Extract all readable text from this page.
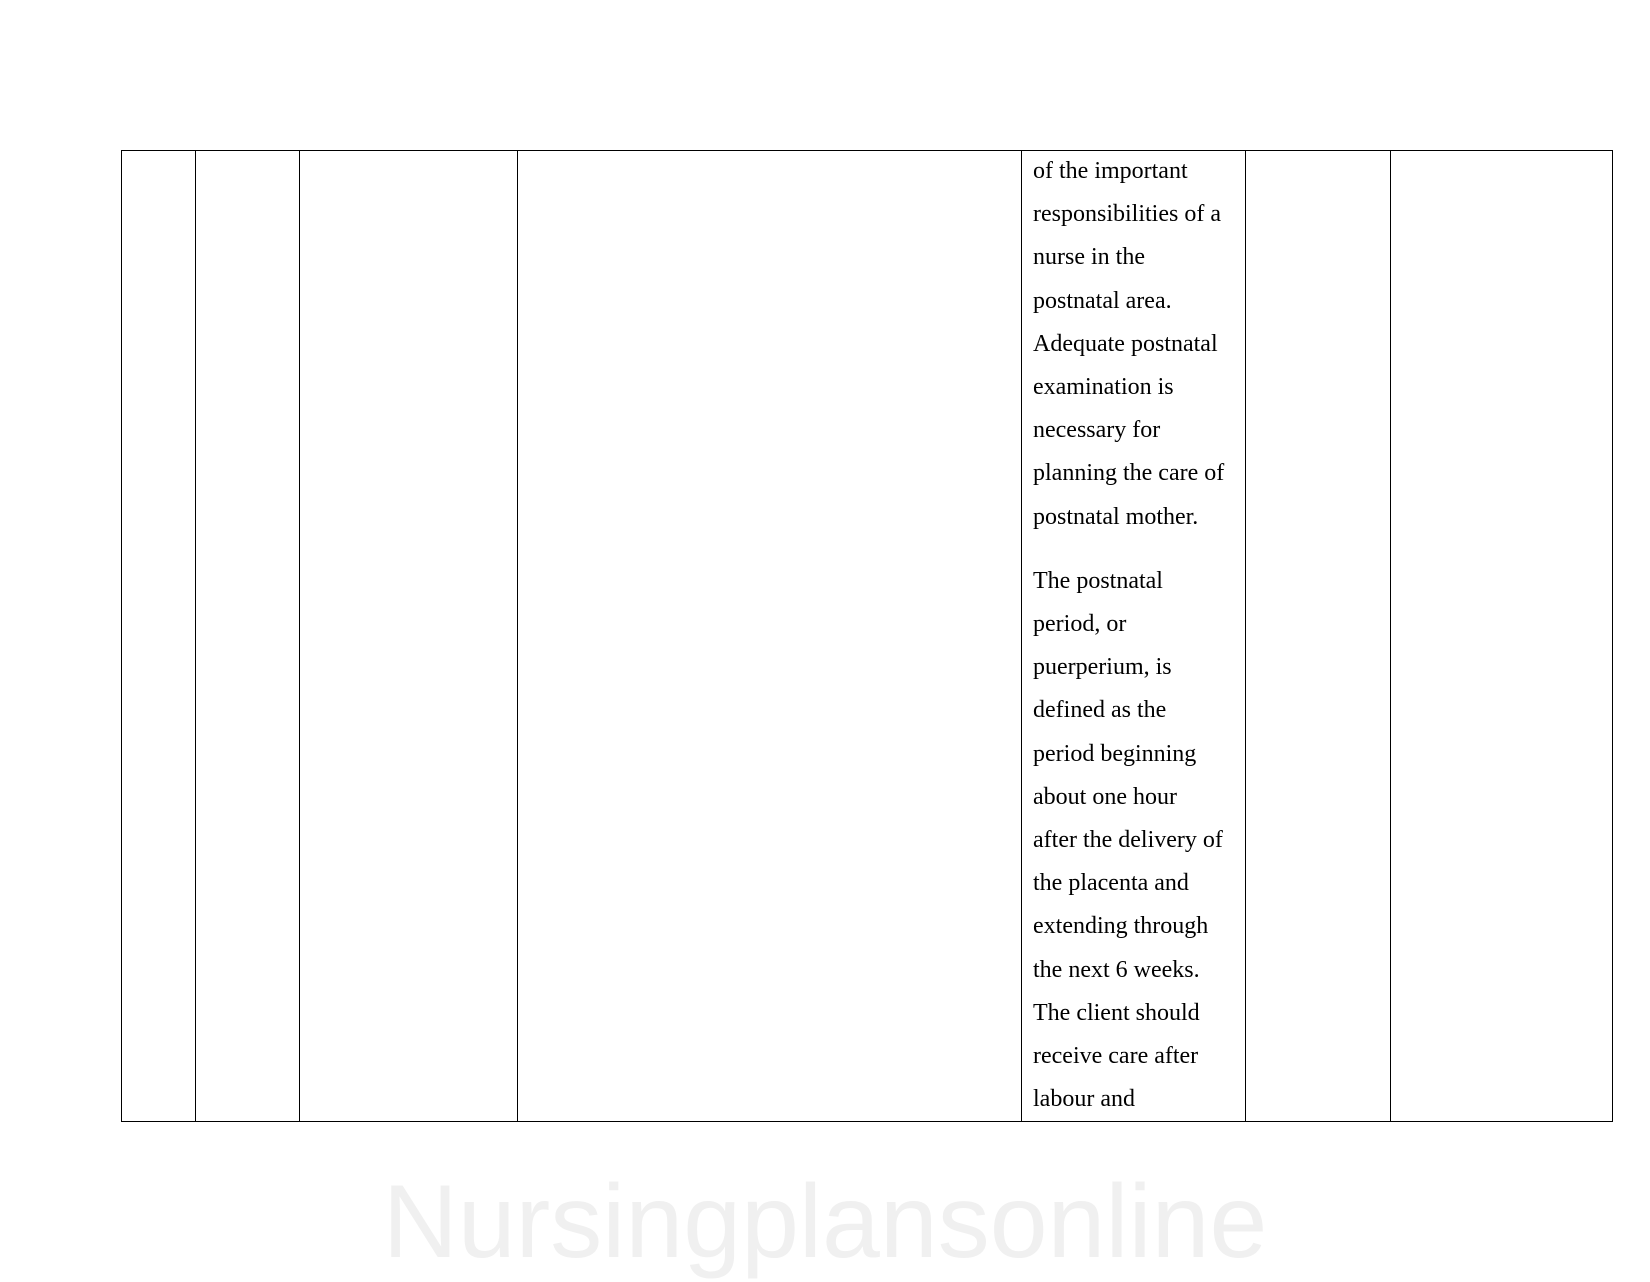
of the important
responsibilities of a
nurse in the
postnatal area.
Adequate postnatal
examination is
necessary for
planning the care of
postnatal mother.

The postnatal
period, or
puerperium, is
defined as the
period beginning
about one hour
after the delivery of
the placenta and
extending through
the next 6 weeks.
The client should
receive care after
labour and

Nursingplansonline
